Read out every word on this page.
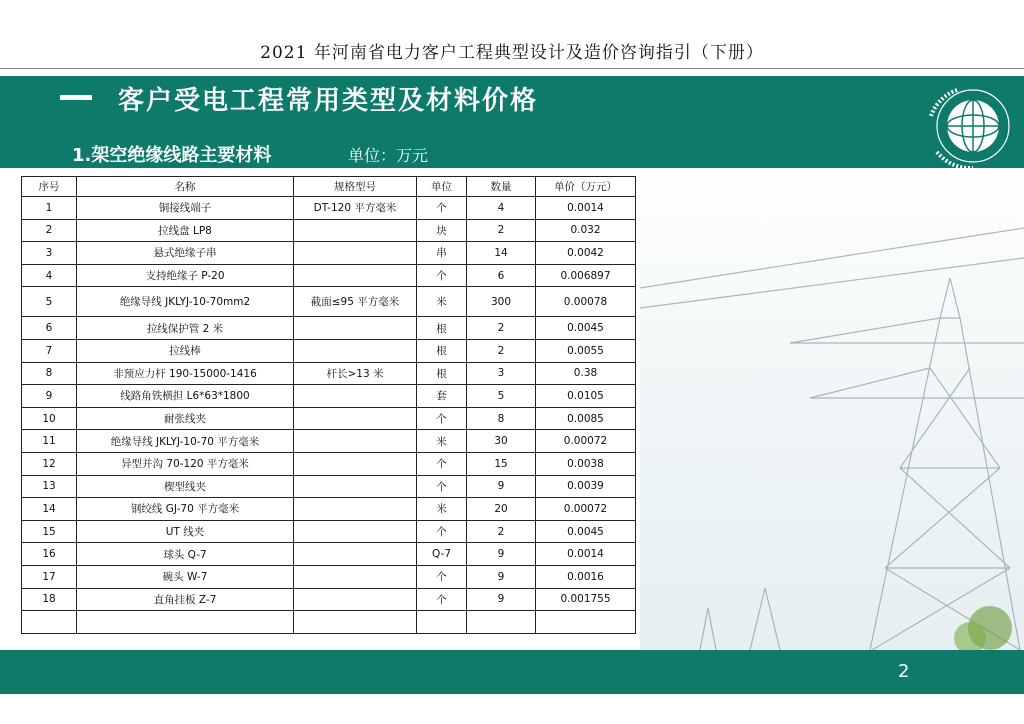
2021 年河南省电力客户工程典型设计及造价咨询指引（下册）
客户受电工程常用类型及材料价格
1.架空绝缘线路主要材料	单位：万元
序号	名称	规格型号	单位	数量	单价（万元）
1	铜接线端子	DT-120 平方毫米	个	4	0.0014
2	拉线盘 LP8		块	2	0.032
3	悬式绝缘子串		串	14	0.0042
4	支持绝缘子 P-20		个	6	0.006897
5	绝缘导线 JKLYJ-10-70mm2	截面≤95 平方毫米	米	300	0.00078
6	拉线保护管 2 米		根	2	0.0045
7	拉线棒		根	2	0.0055
8	非预应力杆 190-15000-1416	杆长>13 米	根	3	0.38
9	线路角铁横担 L6*63*1800		套	5	0.0105
10	耐张线夹		个	8	0.0085
11	绝缘导线 JKLYJ-10-70 平方毫米		米	30	0.00072
12	异型并沟 70-120 平方毫米		个	15	0.0038
13	楔型线夹		个	9	0.0039
14	钢绞线 GJ-70 平方毫米		米	20	0.00072
15	UT 线夹		个	2	0.0045
16	球头 Q-7		Q-7	9	0.0014
17	碗头 W-7		个	9	0.0016
18	直角挂板 Z-7		个	9	0.001755

2
